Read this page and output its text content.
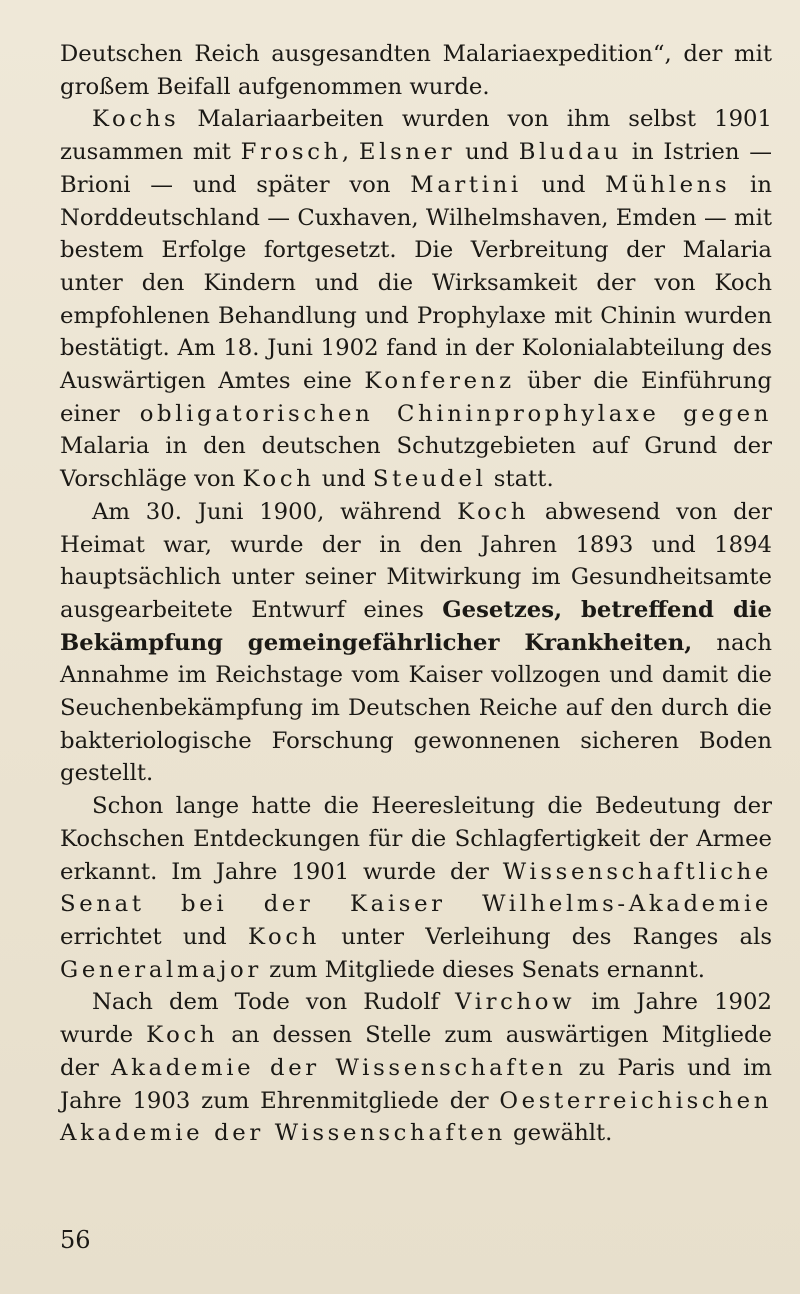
Deutschen Reich ausgesandten Malariaexpedition“, der mit großem Beifall aufgenommen wurde.

Kochs Malariaarbeiten wurden von ihm selbst 1901 zusammen mit Frosch, Elsner und Bludau in Istrien — Brioni — und später von Martini und Mühlens in Norddeutschland — Cuxhaven, Wilhelmshaven, Emden — mit bestem Erfolge fortgesetzt. Die Verbreitung der Malaria unter den Kindern und die Wirksamkeit der von Koch empfohlenen Behandlung und Prophylaxe mit Chinin wurden bestätigt. Am 18. Juni 1902 fand in der Kolonialabteilung des Auswärtigen Amtes eine Konferenz über die Einführung einer obligatorischen Chininprophylaxe gegen Malaria in den deutschen Schutzgebieten auf Grund der Vorschläge von Koch und Steudel statt.

Am 30. Juni 1900, während Koch abwesend von der Heimat war, wurde der in den Jahren 1893 und 1894 hauptsächlich unter seiner Mitwirkung im Gesundheitsamte ausgearbeitete Entwurf eines Gesetzes, betreffend die Bekämpfung gemeingefährlicher Krankheiten, nach Annahme im Reichstage vom Kaiser vollzogen und damit die Seuchenbekämpfung im Deutschen Reiche auf den durch die bakteriologische Forschung gewonnenen sicheren Boden gestellt.

Schon lange hatte die Heeresleitung die Bedeutung der Kochschen Entdeckungen für die Schlagfertigkeit der Armee erkannt. Im Jahre 1901 wurde der Wissenschaftliche Senat bei der Kaiser Wilhelms-Akademie errichtet und Koch unter Verleihung des Ranges als Generalmajor zum Mitgliede dieses Senats ernannt.

Nach dem Tode von Rudolf Virchow im Jahre 1902 wurde Koch an dessen Stelle zum auswärtigen Mitgliede der Akademie der Wissenschaften zu Paris und im Jahre 1903 zum Ehrenmitgliede der Oesterreichischen Akademie der Wissenschaften gewählt.

56
